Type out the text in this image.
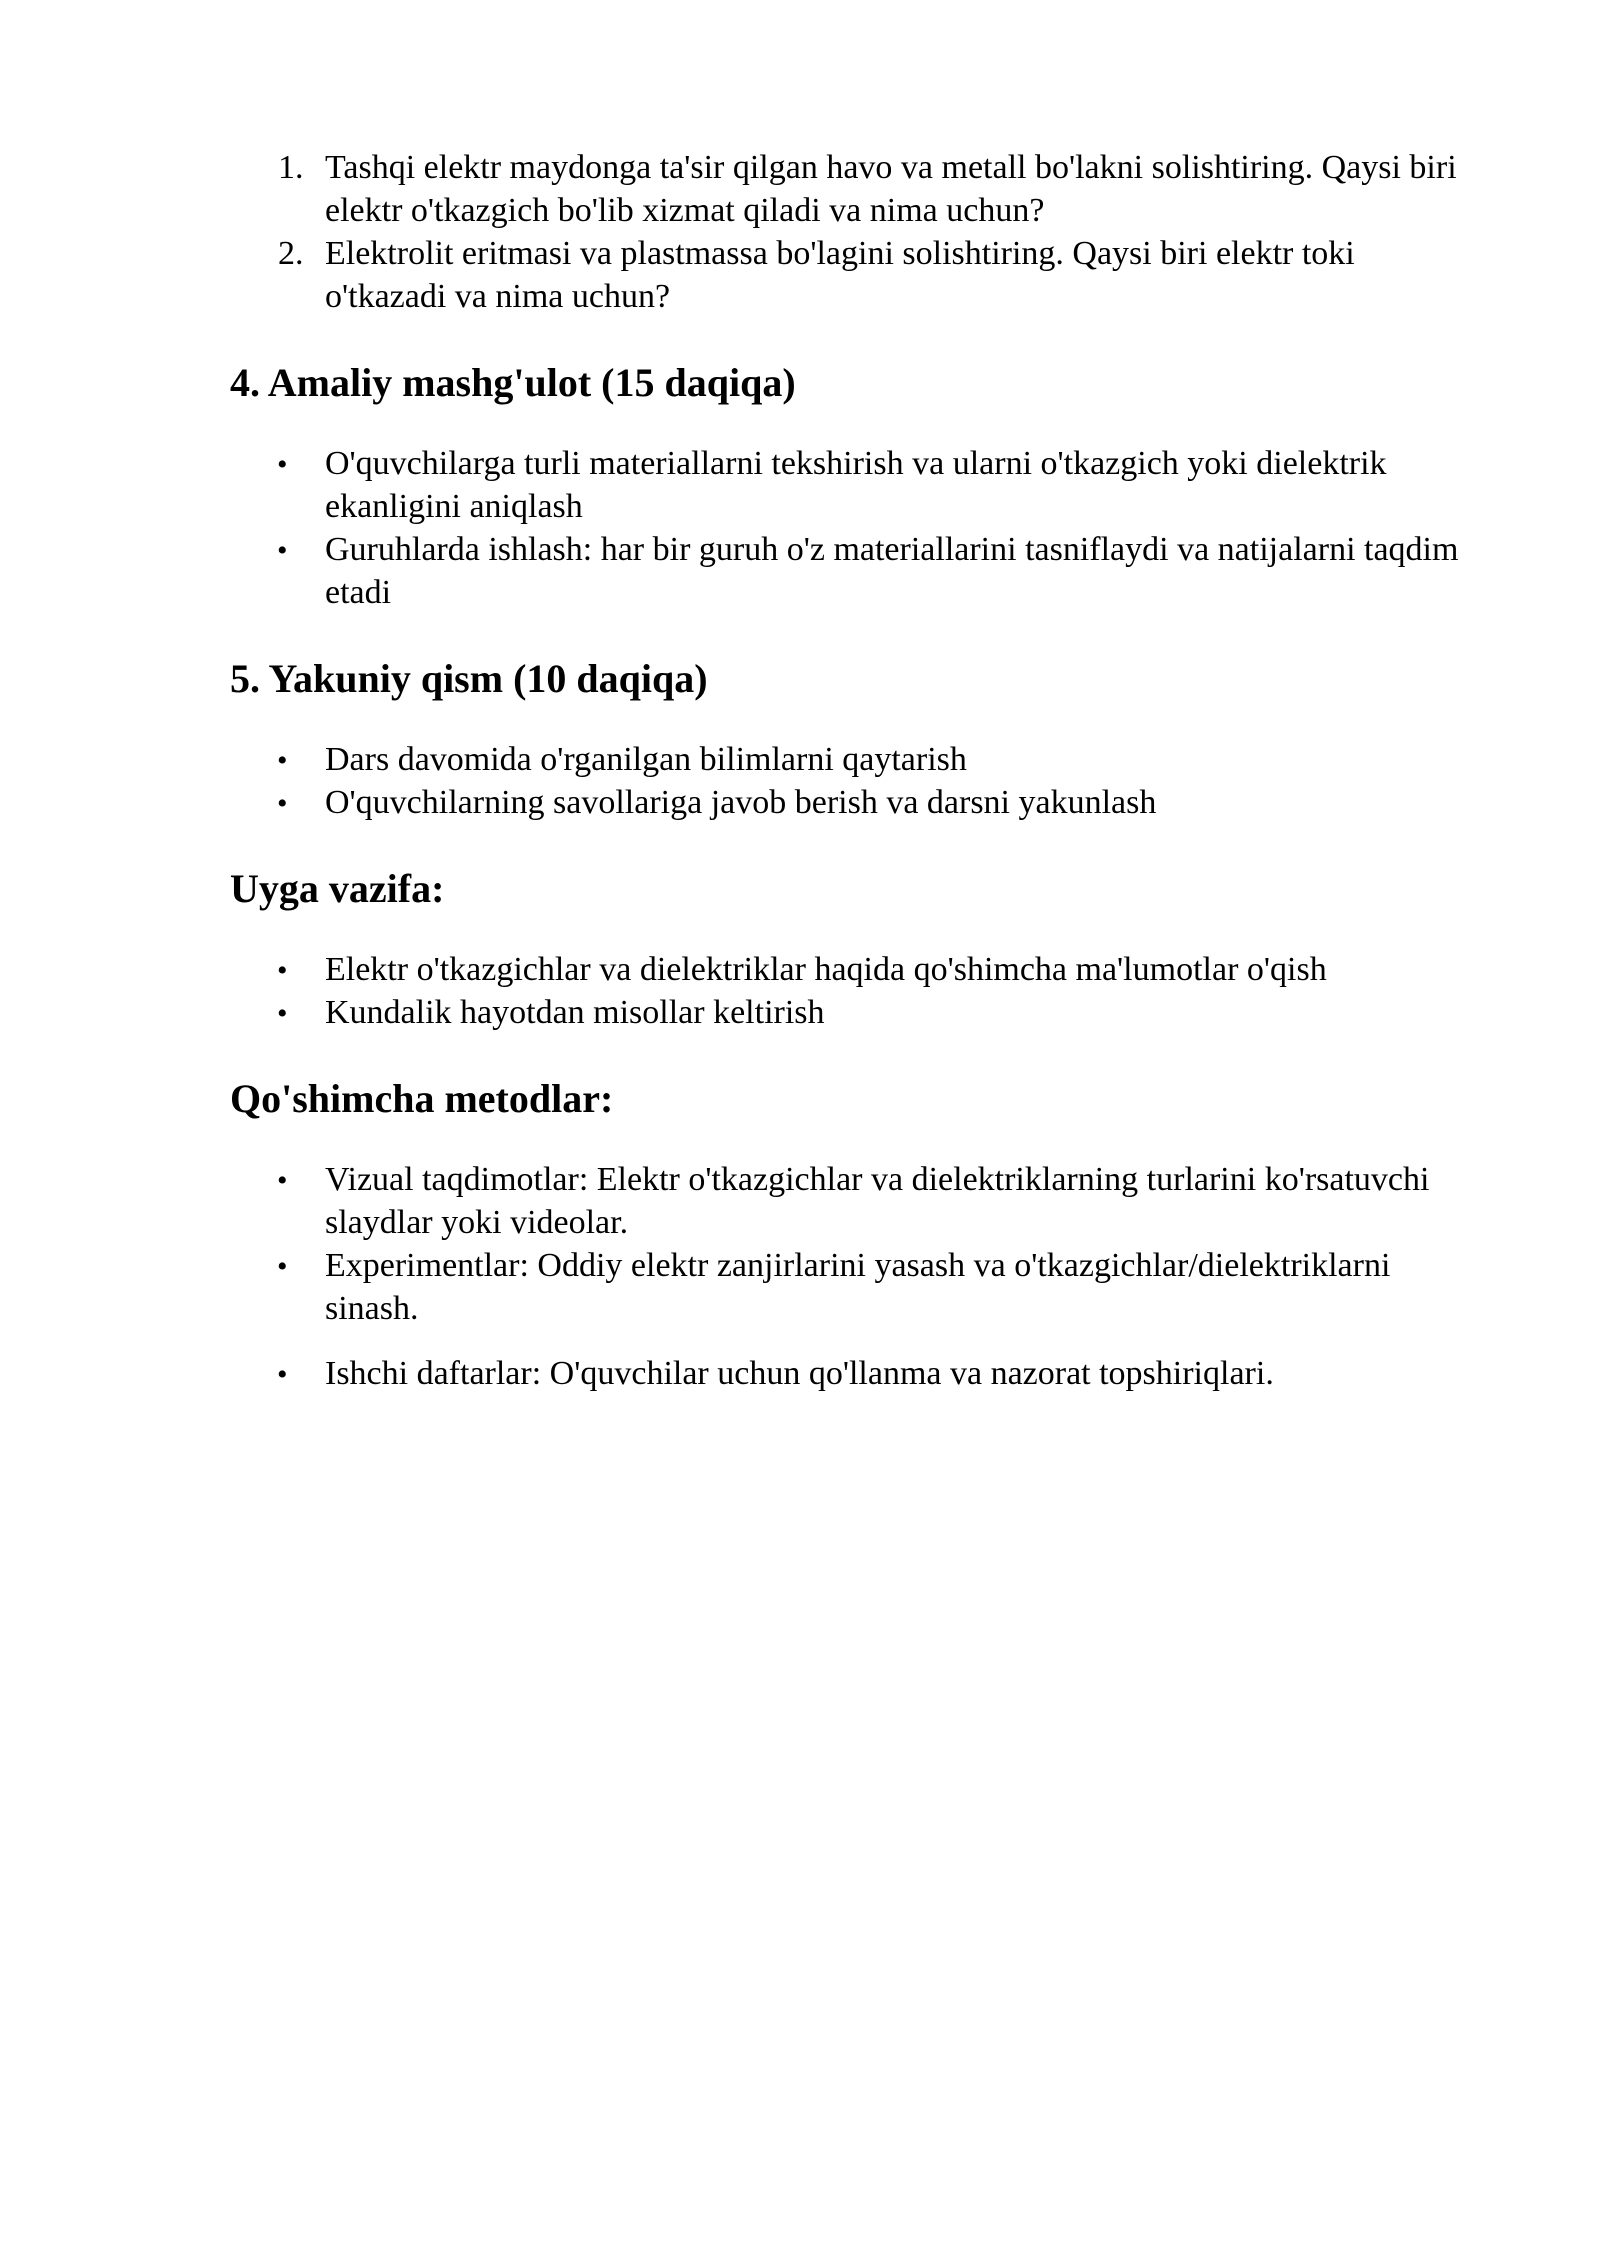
1. Tashqi elektr maydonga ta'sir qilgan havo va metall bo'lakni solishtiring. Qaysi biri elektr o'tkazgich bo'lib xizmat qiladi va nima uchun?
2. Elektrolit eritmasi va plastmassa bo'lagini solishtiring. Qaysi biri elektr toki o'tkazadi va nima uchun?
4. Amaliy mashg'ulot (15 daqiqa)
• O'quvchilarga turli materiallarni tekshirish va ularni o'tkazgich yoki dielektrik ekanligini aniqlash
• Guruhlarda ishlash: har bir guruh o'z materiallarini tasniflaydi va natijalarni taqdim etadi
5. Yakuniy qism (10 daqiqa)
• Dars davomida o'rganilgan bilimlarni qaytarish
• O'quvchilarning savollariga javob berish va darsni yakunlash
Uyga vazifa:
• Elektr o'tkazgichlar va dielektriklar haqida qo'shimcha ma'lumotlar o'qish
• Kundalik hayotdan misollar keltirish
Qo'shimcha metodlar:
• Vizual taqdimotlar: Elektr o'tkazgichlar va dielektriklarning turlarini ko'rsatuvchi slaydlar yoki videolar.
• Experimentlar: Oddiy elektr zanjirlarini yasash va o'tkazgichlar/dielektriklarni sinash.
• Ishchi daftarlar: O'quvchilar uchun qo'llanma va nazorat topshiriqlari.
